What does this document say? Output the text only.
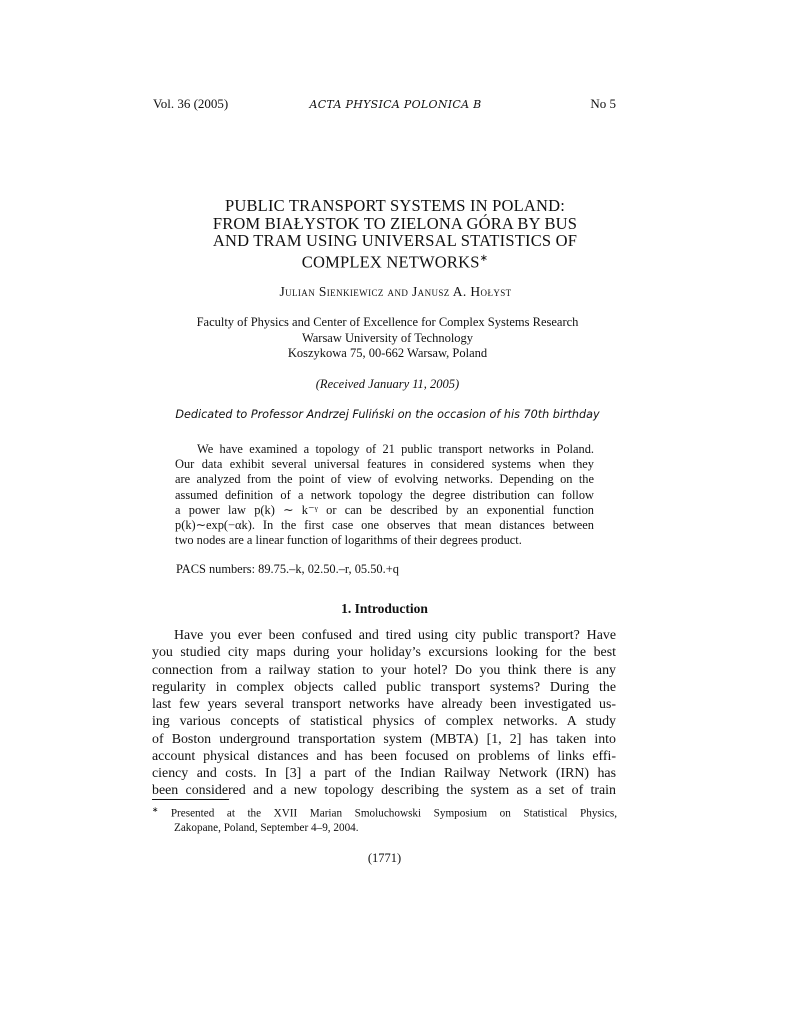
Vol. 36 (2005)	ACTA PHYSICA POLONICA B	No 5
PUBLIC TRANSPORT SYSTEMS IN POLAND:
FROM BIAŁYSTOK TO ZIELONA GÓRA BY BUS
AND TRAM USING UNIVERSAL STATISTICS OF
COMPLEX NETWORKS∗
Julian Sienkiewicz and Janusz A. Hołyst
Faculty of Physics and Center of Excellence for Complex Systems Research
Warsaw University of Technology
Koszykowa 75, 00-662 Warsaw, Poland
(Received January 11, 2005)
Dedicated to Professor Andrzej Fuliński on the occasion of his 70th birthday
We have examined a topology of 21 public transport networks in Poland.
Our data exhibit several universal features in considered systems when they
are analyzed from the point of view of evolving networks. Depending on the
assumed definition of a network topology the degree distribution can follow
a power law p(k) ∼ k⁻ᵞ or can be described by an exponential function
p(k)∼exp(−αk). In the first case one observes that mean distances between
two nodes are a linear function of logarithms of their degrees product.
PACS numbers: 89.75.–k, 02.50.–r, 05.50.+q
1. Introduction
Have you ever been confused and tired using city public transport? Have
you studied city maps during your holiday’s excursions looking for the best
connection from a railway station to your hotel? Do you think there is any
regularity in complex objects called public transport systems? During the
last few years several transport networks have already been investigated us-
ing various concepts of statistical physics of complex networks. A study
of Boston underground transportation system (MBTA) [1, 2] has taken into
account physical distances and has been focused on problems of links effi-
ciency and costs. In [3] a part of the Indian Railway Network (IRN) has
been considered and a new topology describing the system as a set of train
∗ Presented at the XVII Marian Smoluchowski Symposium on Statistical Physics,
Zakopane, Poland, September 4–9, 2004.
(1771)
